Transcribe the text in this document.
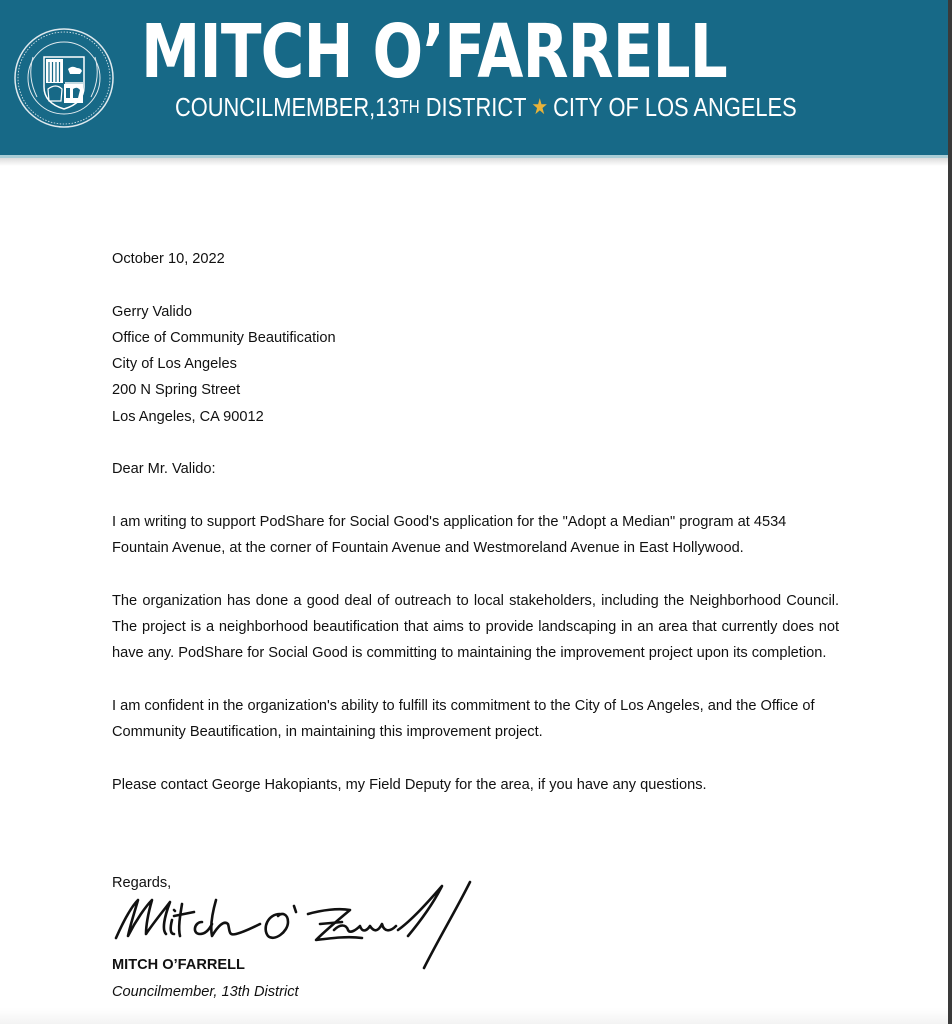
MITCH O’FARRELL
COUNCILMEMBER,13 TH DISTRICT ★ CITY OF LOS ANGELES
October 10, 2022
Gerry Valido
Office of Community Beautification
City of Los Angeles
200 N Spring Street
Los Angeles, CA 90012
Dear Mr. Valido:

I am writing to support PodShare for Social Good's application for the "Adopt a Median" program at 4534 Fountain Avenue, at the corner of Fountain Avenue and Westmoreland Avenue in East Hollywood.

The organization has done a good deal of outreach to local stakeholders, including the Neighborhood Council. The project is a neighborhood beautification that aims to provide landscaping in an area that currently does not have any. PodShare for Social Good is committing to maintaining the improvement project upon its completion.

I am confident in the organization's ability to fulfill its commitment to the City of Los Angeles, and the Office of Community Beautification, in maintaining this improvement project.

Please contact George Hakopiants, my Field Deputy for the area, if you have any questions.

Regards,
MITCH O’FARRELL
Councilmember, 13th District
